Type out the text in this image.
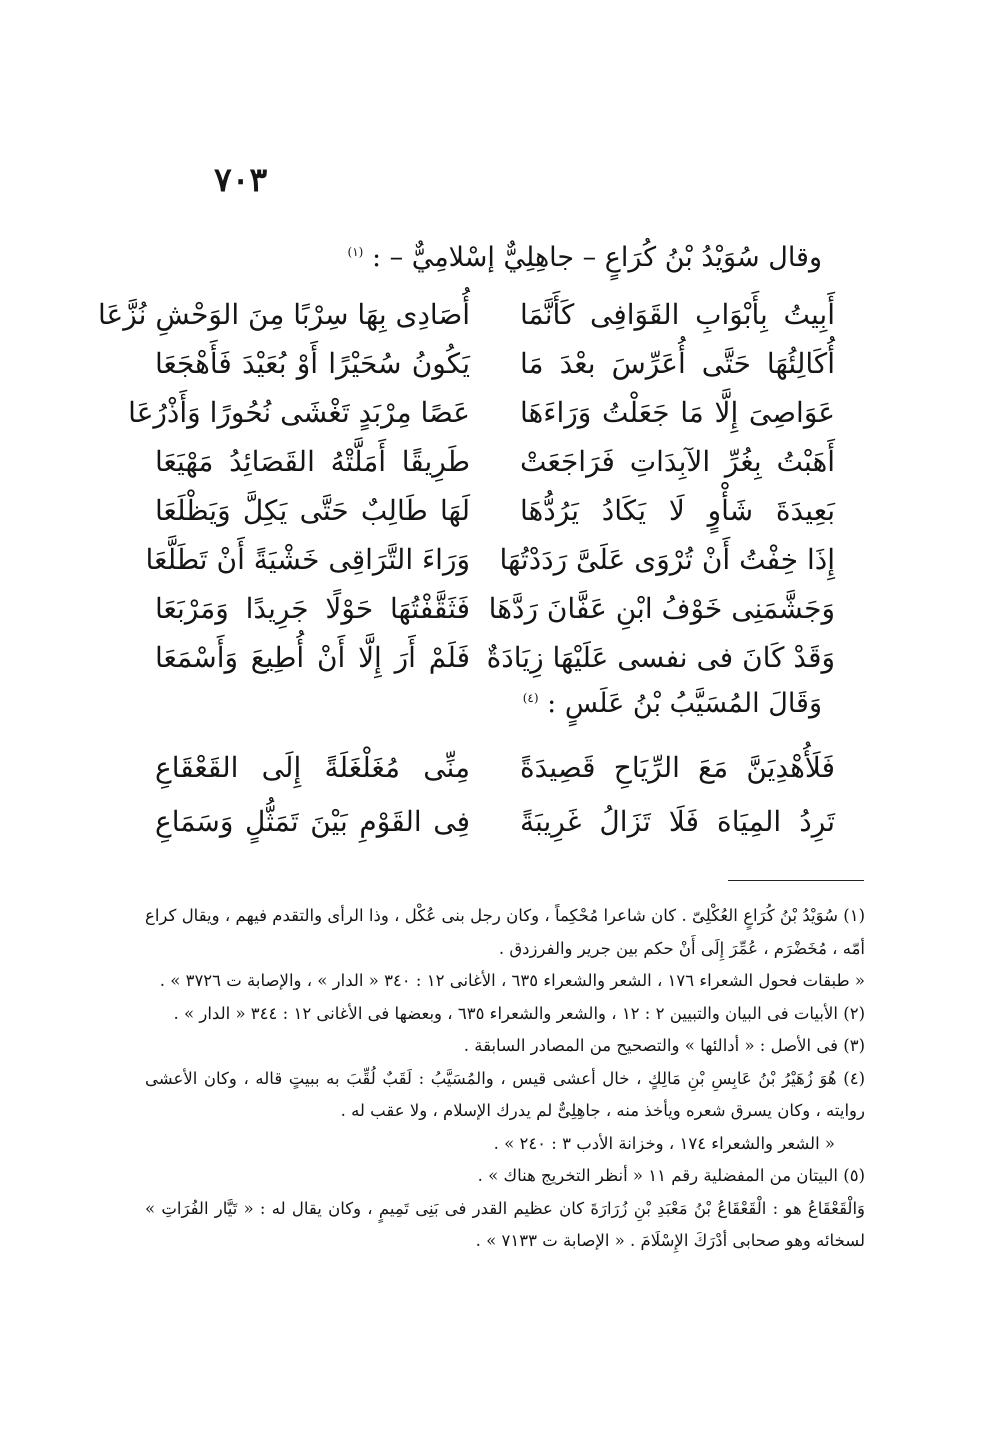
٧٠٣
وقال سُوَيْدُ بْنُ كُرَاعٍ – جاهِلِيٌّ إسْلامِيٌّ – : $^{(١)}$
أَبِيتُ بِأَبْوَابِ القَوَافِى كَأَنَّمَا
أُصَادِى بِهَا سِرْبًا مِنَ الوَحْشِ نُزَّعَا
أُكَالِئُهَا حَتَّى أُعَرِّسَ بعْدَ مَا
يَكُونُ سُحَيْرًا أَوْ بُعَيْدَ فَأَهْجَعَا
عَوَاصِىَ إِلَّا مَا جَعَلْتُ وَرَاءَهَا
عَصًا مِرْبَدٍ تَغْشَى نُحُورًا وَأَذْرُعَا
أَهَبْتُ بِغُرِّ الآبِدَاتِ فَرَاجَعَتْ
طَرِيقًا أَمَلَّتْهُ القَصَائِدُ مَهْيَعَا
بَعِيدَةَ شَأْوٍ لَا يَكَادُ يَرُدُّهَا
لَهَا طَالِبٌ حَتَّى يَكِلَّ وَيَظْلَعَا
إِذَا خِفْتُ أَنْ تُرْوَى عَلَىَّ رَدَدْتُهَا
وَرَاءَ التَّرَاقِى خَشْيَةً أَنْ تَطَلَّعَا
وَجَشَّمَنِى خَوْفُ ابْنِ عَفَّانَ رَدَّهَا
فَثَقَّفْتُهَا حَوْلًا جَرِيدًا وَمَرْبَعَا
وَقَدْ كَانَ فى نفسى عَلَيْهَا زِيَادَةٌ
فَلَمْ أَرَ إِلَّا أَنْ أُطِيعَ وَأَسْمَعَا
وَقَالَ المُسَيَّبُ بْنُ عَلَسٍ : $^{(٤)}$
فَلَأُهْدِيَنَّ مَعَ الرِّيَاحِ قَصِيدَةً
مِنِّى مُغَلْغَلَةً إِلَى القَعْقَاعِ
تَرِدُ المِيَاهَ فَلَا تَزَالُ غَرِيبَةً
فِى القَوْمِ بَيْنَ تَمَثُّلٍ وَسَمَاعِ

(١) سُوَيْدُ بْنُ كُرَاعٍ العُكْلِىّ . كان شاعرا مُحْكِماً ، وكان رجل بنى عُكْل ، وذا الرأى والتقدم فيهم ، ويقال كراع أمّه ، مُخَضْرَم ، عُمِّرَ إِلَى أَنْ حكم بين جرير والفرزدق .

« طبقات فحول الشعراء ١٧٦ ، الشعر والشعراء ٦٣٥ ، الأغانى ١٢ : ٣٤٠ « الدار » ، والإصابة ت ٣٧٢٦ » .

(٢) الأبيات فى البيان والتبيين ٢ : ١٢ ، والشعر والشعراء ٦٣٥ ، وبعضها فى الأغانى ١٢ : ٣٤٤ « الدار » .

(٣) فى الأصل : « أدالئها » والتصحيح من المصادر السابقة .

(٤) هُوَ زُهَيْرُ بْنُ عَابِسِ بْنِ مَالِكٍ ، خال أعشى قيس ، والمُسَيَّبُ : لَقَبٌ لُقِّبَ به ببيتٍ قاله ، وكان الأعشى روايته ، وكان يسرق شعره ويأخذ منه ، جاهِلِىٌّ لم يدرك الإسلام ، ولا عقب له .

« الشعر والشعراء ١٧٤ ، وخزانة الأدب ٣ : ٢٤٠ » .

(٥) البيتان من المفضلية رقم ١١ « أنظر التخريج هناك » .

وَالْقَعْقَاعُ هو : الْقَعْقَاعُ بْنُ مَعْبَدِ بْنِ زُرَارَةَ كان عظيم القدر فى بَنِى تَمِيمٍ ، وكان يقال له : « تَيَّار الفُرَاتِ » لسخائه وهو صحابى أدْرَكَ الإِسْلَامَ . « الإصابة ت ٧١٣٣ » .
